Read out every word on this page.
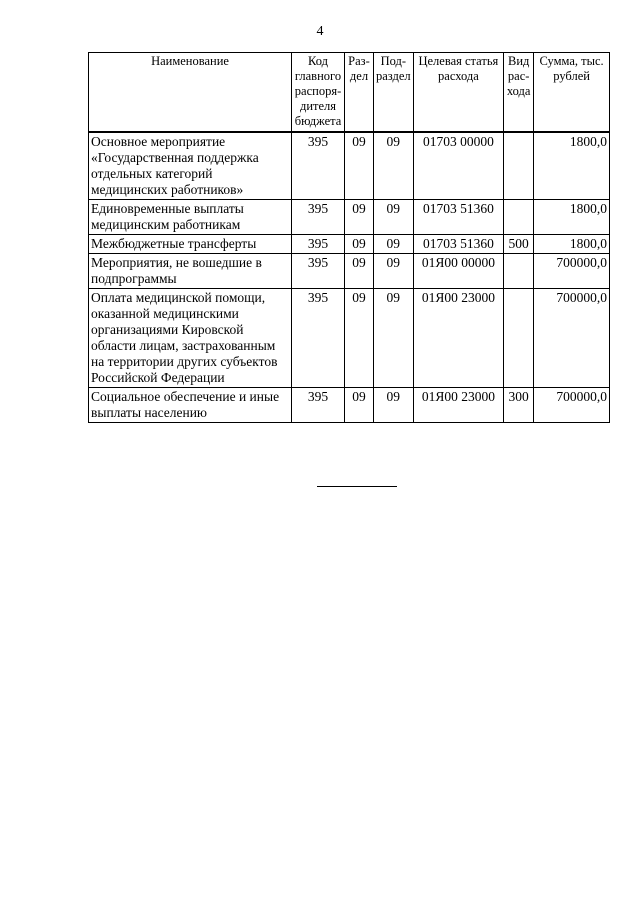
4
Наименование	Код главного распоря-дителя бюджета	Раз-дел	Под-раздел	Целевая статья расхода	Вид рас-хода	Сумма, тыс. рублей
Основное мероприятие «Государственная поддержка отдельных категорий медицинских работников»	395	09	09	01703 00000		1800,0
Единовременные выплаты медицинским работникам	395	09	09	01703 51360		1800,0
Межбюджетные трансферты	395	09	09	01703 51360	500	1800,0
Мероприятия, не вошедшие в подпрограммы	395	09	09	01Я00 00000		700000,0
Оплата медицинской помощи, оказанной медицинскими организациями Кировской области лицам, застрахованным на территории других субъектов Российской Федерации	395	09	09	01Я00 23000		700000,0
Социальное обеспечение и иные выплаты населению	395	09	09	01Я00 23000	300	700000,0
